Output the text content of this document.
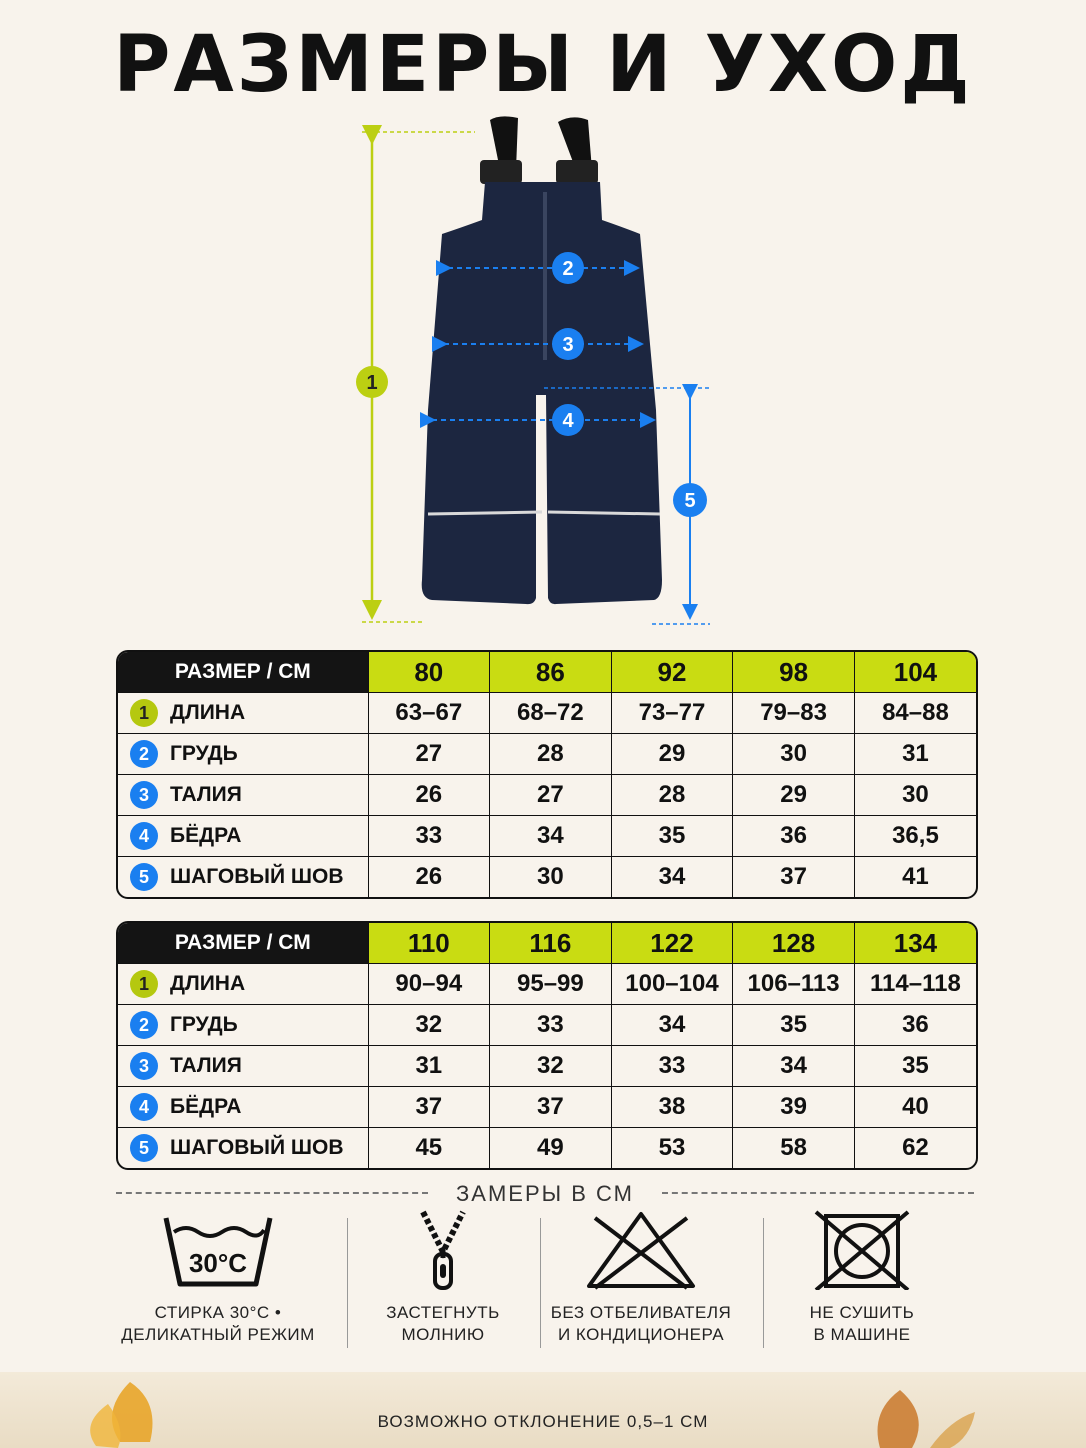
РАЗМЕРЫ И УХОД
1
2
3
4
5
РАЗМЕР / СМ	80	86	92	98	104
1 ДЛИНА	63–67	68–72	73–77	79–83	84–88
2 ГРУДЬ	27	28	29	30	31
3 ТАЛИЯ	26	27	28	29	30
4 БЁДРА	33	34	35	36	36,5
5 ШАГОВЫЙ ШОВ	26	30	34	37	41
РАЗМЕР / СМ	110	116	122	128	134
1 ДЛИНА	90–94	95–99	100–104	106–113	114–118
2 ГРУДЬ	32	33	34	35	36
3 ТАЛИЯ	31	32	33	34	35
4 БЁДРА	37	37	38	39	40
5 ШАГОВЫЙ ШОВ	45	49	53	58	62
ЗАМЕРЫ В СМ
30°C
СТИРКА 30°C •
ДЕЛИКАТНЫЙ РЕЖИМ
ЗАСТЕГНУТЬ
МОЛНИЮ
БЕЗ ОТБЕЛИВАТЕЛЯ
И КОНДИЦИОНЕРА
НЕ СУШИТЬ
В МАШИНЕ
ВОЗМОЖНО ОТКЛОНЕНИЕ 0,5–1 СМ
